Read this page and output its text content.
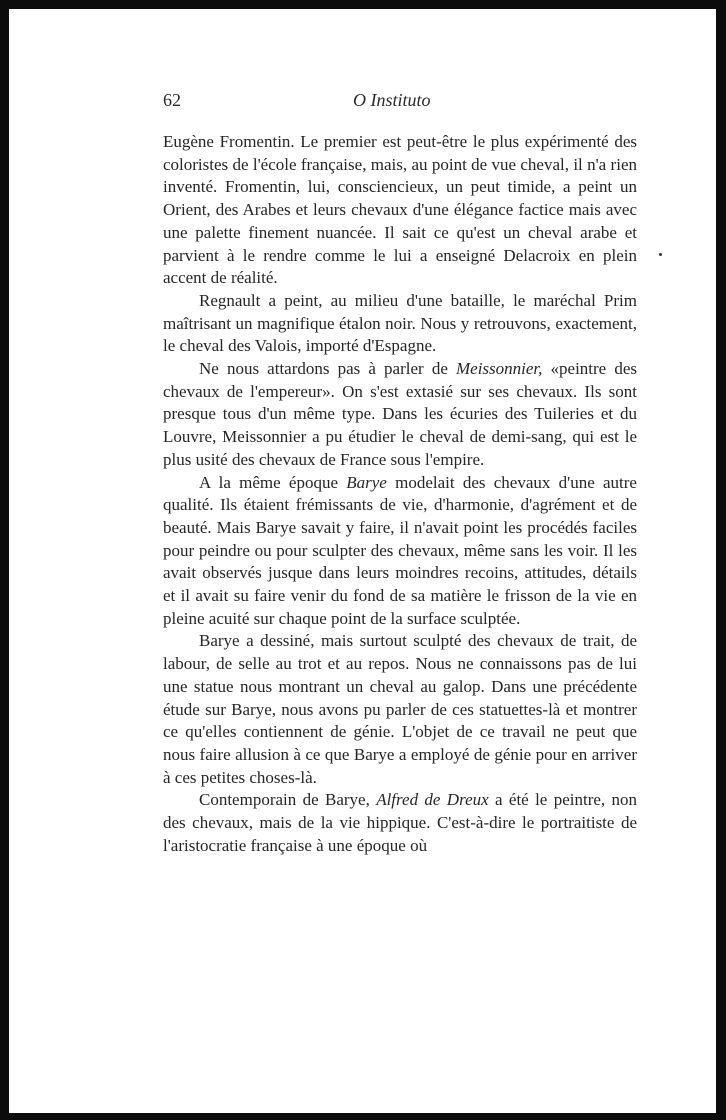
62	O Instituto

Eugène Fromentin. Le premier est peut-être le plus expérimenté des coloristes de l'école française, mais, au point de vue cheval, il n'a rien inventé. Fromentin, lui, consciencieux, un peut timide, a peint un Orient, des Arabes et leurs chevaux d'une élégance factice mais avec une palette finement nuancée. Il sait ce qu'est un cheval arabe et parvient à le rendre comme le lui a enseigné Delacroix en plein accent de réalité.

Regnault a peint, au milieu d'une bataille, le maréchal Prim maîtrisant un magnifique étalon noir. Nous y retrouvons, exactement, le cheval des Valois, importé d'Espagne.

Ne nous attardons pas à parler de Meissonnier, «peintre des chevaux de l'empereur». On s'est extasié sur ses chevaux. Ils sont presque tous d'un même type. Dans les écuries des Tuileries et du Louvre, Meissonnier a pu étudier le cheval de demi-sang, qui est le plus usité des chevaux de France sous l'empire.

A la même époque Barye modelait des chevaux d'une autre qualité. Ils étaient frémissants de vie, d'harmonie, d'agrément et de beauté. Mais Barye savait y faire, il n'avait point les procédés faciles pour peindre ou pour sculpter des chevaux, même sans les voir. Il les avait observés jusque dans leurs moindres recoins, attitudes, détails et il avait su faire venir du fond de sa matière le frisson de la vie en pleine acuité sur chaque point de la surface sculptée.

Barye a dessiné, mais surtout sculpté des chevaux de trait, de labour, de selle au trot et au repos. Nous ne connaissons pas de lui une statue nous montrant un cheval au galop. Dans une précédente étude sur Barye, nous avons pu parler de ces statuettes-là et montrer ce qu'elles contiennent de génie. L'objet de ce travail ne peut que nous faire allusion à ce que Barye a employé de génie pour en arriver à ces petites choses-là.

Contemporain de Barye, Alfred de Dreux a été le peintre, non des chevaux, mais de la vie hippique. C'est-à-dire le portraitiste de l'aristocratie française à une époque où
